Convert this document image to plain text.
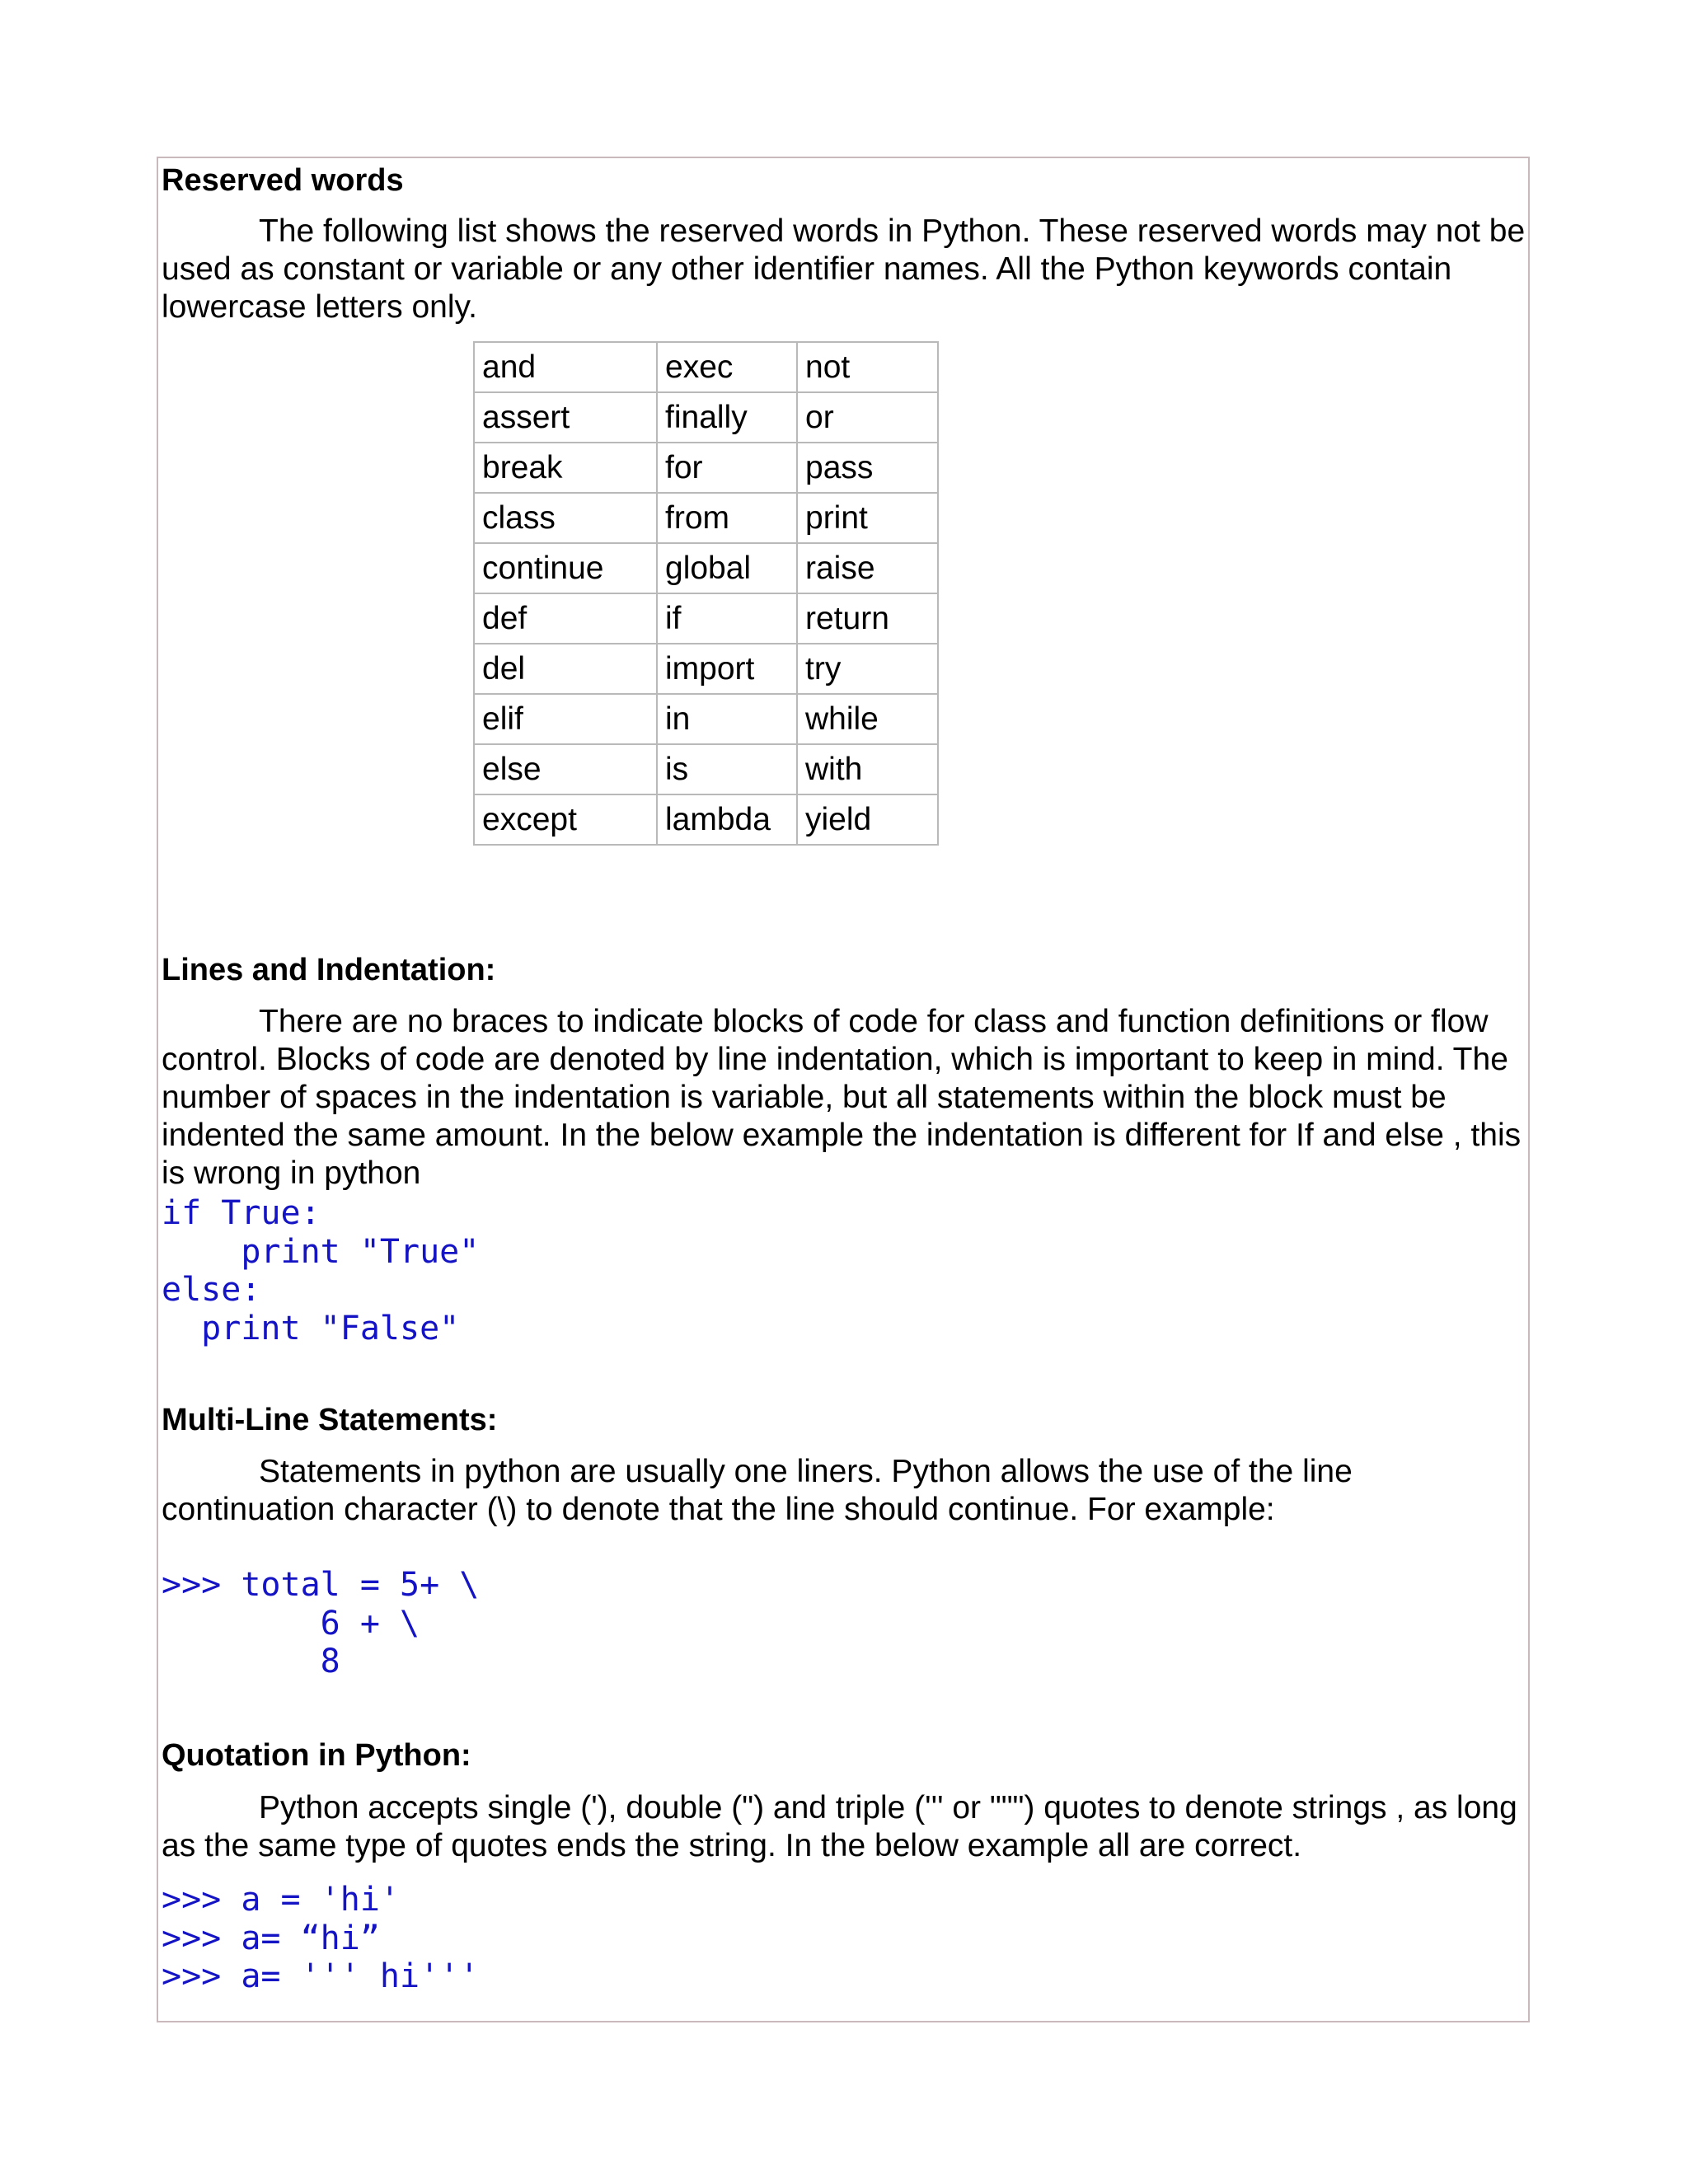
Reserved words

The following list shows the reserved words in Python. These reserved words may not be used as constant or variable or any other identifier names. All the Python keywords contain lowercase letters only.

and	exec	not
assert	finally	or
break	for	pass
class	from	print
continue	global	raise
def	if	return
del	import	try
elif	in	while
else	is	with
except	lambda	yield
Lines and Indentation:

There are no braces to indicate blocks of code for class and function definitions or flow control. Blocks of code are denoted by line indentation, which is important to keep in mind. The number of spaces in the indentation is variable, but all statements within the block must be indented the same amount. In the below example the indentation is different for If and else , this is wrong in python

if True:
print "True"
else:
print "False"
Multi-Line Statements:

Statements in python are usually one liners. Python allows the use of the line continuation character (\) to denote that the line should continue. For example:

>>> total = 5+ \
6 + \
8
Quotation in Python:

Python accepts single ('), double (") and triple (''' or """) quotes to denote strings , as long as the same type of quotes ends the string. In the below example all are correct.

>>> a = 'hi'
>>> a= “hi”
>>> a= ''' hi'''
